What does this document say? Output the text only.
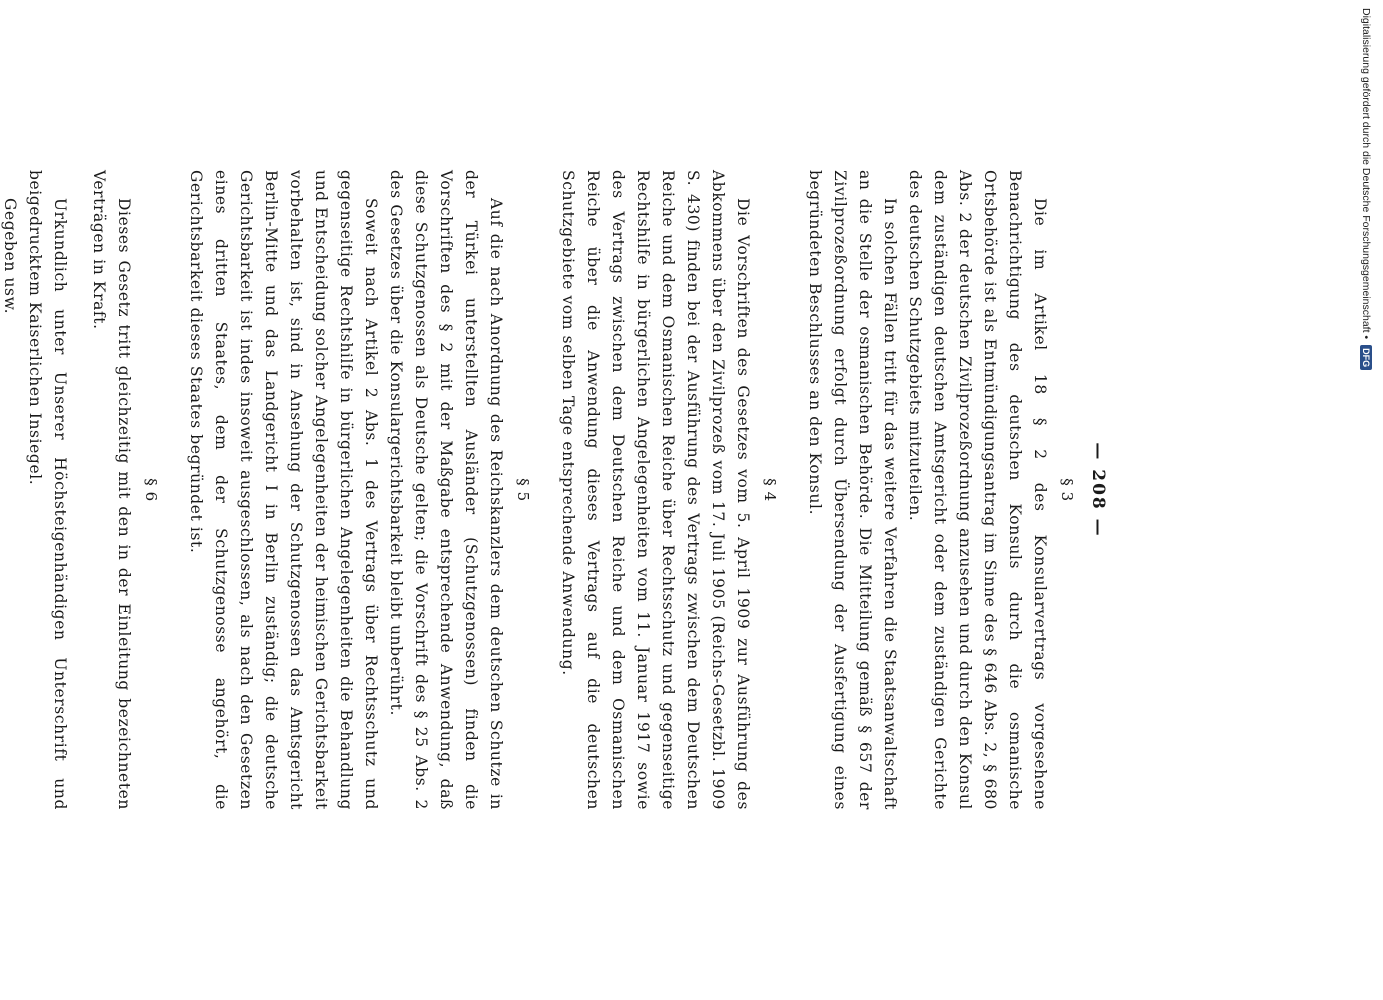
— 208 —
§ 3

Die im Artikel 18 § 2 des Konsularvertrags vorgesehene Benachrichtigung des deutschen Konsuls durch die osmanische Ortsbehörde ist als Entmündigungsantrag im Sinne des § 646 Abs. 2, § 680 Abs. 2 der deutschen Zivilprozeßordnung anzusehen und durch den Konsul dem zuständigen deutschen Amtsgericht oder dem zuständigen Gerichte des deutschen Schutzgebiets mitzuteilen.

In solchen Fällen tritt für das weitere Verfahren die Staatsanwaltschaft an die Stelle der osmanischen Behörde. Die Mitteilung gemäß § 657 der Zivilprozeßordnung erfolgt durch Übersendung der Ausfertigung eines begründeten Beschlusses an den Konsul.

§ 4

Die Vorschriften des Gesetzes vom 5. April 1909 zur Ausführung des Abkommens über den Zivilprozeß vom 17. Juli 1905 (Reichs-Gesetzbl. 1909 S. 430) finden bei der Ausführung des Vertrags zwischen dem Deutschen Reiche und dem Osmanischen Reiche über Rechtsschutz und gegenseitige Rechtshilfe in bürgerlichen Angelegenheiten vom 11. Januar 1917 sowie des Vertrags zwischen dem Deutschen Reiche und dem Osmanischen Reiche über die Anwendung dieses Vertrags auf die deutschen Schutzgebiete vom selben Tage entsprechende Anwendung.

§ 5

Auf die nach Anordnung des Reichskanzlers dem deutschen Schutze in der Türkei unterstellten Ausländer (Schutzgenossen) finden die Vorschriften des § 2 mit der Maßgabe entsprechende Anwendung, daß diese Schutzgenossen als Deutsche gelten; die Vorschrift des § 25 Abs. 2 des Gesetzes über die Konsulargerichtsbarkeit bleibt unberührt.

Soweit nach Artikel 2 Abs. 1 des Vertrags über Rechtsschutz und gegenseitige Rechtshilfe in bürgerlichen Angelegenheiten die Behandlung und Entscheidung solcher Angelegenheiten der heimischen Gerichtsbarkeit vorbehalten ist, sind in Ansehung der Schutzgenossen das Amtsgericht Berlin-Mitte und das Landgericht I in Berlin zuständig; die deutsche Gerichtsbarkeit ist indes insoweit ausgeschlossen, als nach den Gesetzen eines dritten Staates, dem der Schutzgenosse angehört, die Gerichtsbarkeit dieses Staates begründet ist.

§ 6

Dieses Gesetz tritt gleichzeitig mit den in der Einleitung bezeichneten Verträgen in Kraft.

Urkundlich unter Unserer Höchsteigenhändigen Unterschrift und beigedrucktem Kaiserlichen Insiegel.

Gegeben usw.	Digitalisierung gefördert durch die Deutsche Forschungsgemeinschaft •
DFG
